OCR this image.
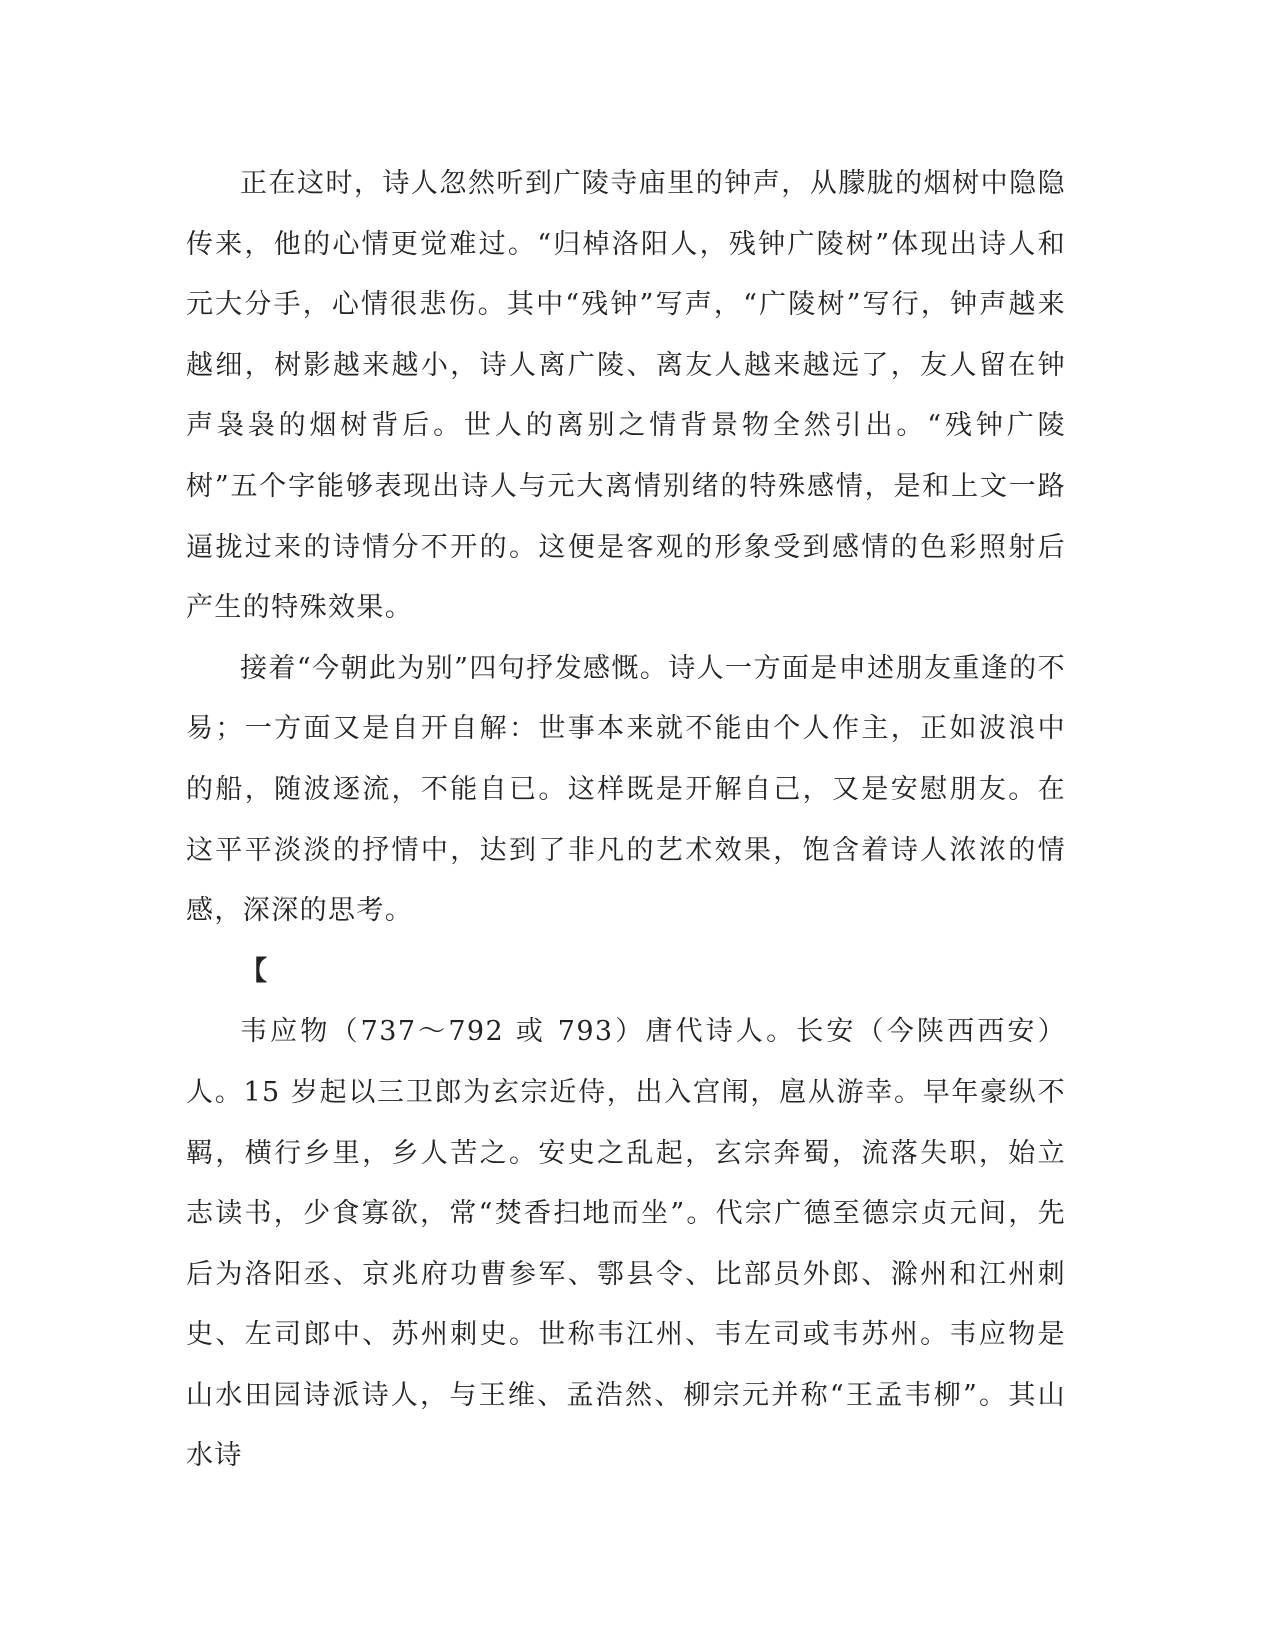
正在这时，诗人忽然听到广陵寺庙里的钟声，从朦胧的烟树中隐隐传来，他的心情更觉难过。“归棹洛阳人，残钟广陵树”体现出诗人和元大分手，心情很悲伤。其中“残钟”写声，“广陵树”写行，钟声越来越细，树影越来越小，诗人离广陵、离友人越来越远了，友人留在钟声袅袅的烟树背后。世人的离别之情背景物全然引出。“残钟广陵树”五个字能够表现出诗人与元大离情别绪的特殊感情，是和上文一路逼拢过来的诗情分不开的。这便是客观的形象受到感情的色彩照射后产生的特殊效果。

接着“今朝此为别”四句抒发感慨。诗人一方面是申述朋友重逢的不易；一方面又是自开自解：世事本来就不能由个人作主，正如波浪中的船，随波逐流，不能自已。这样既是开解自己，又是安慰朋友。在这平平淡淡的抒情中，达到了非凡的艺术效果，饱含着诗人浓浓的情感，深深的思考。

【

韦应物（737～792 或 793）唐代诗人。长安（今陕西西安）人。15 岁起以三卫郎为玄宗近侍，出入宫闱，扈从游幸。早年豪纵不羁，横行乡里，乡人苦之。安史之乱起，玄宗奔蜀，流落失职，始立志读书，少食寡欲，常“焚香扫地而坐”。代宗广德至德宗贞元间，先后为洛阳丞、京兆府功曹参军、鄠县令、比部员外郎、滁州和江州刺史、左司郎中、苏州刺史。世称韦江州、韦左司或韦苏州。韦应物是山水田园诗派诗人，与王维、孟浩然、柳宗元并称“王孟韦柳”。其山水诗
